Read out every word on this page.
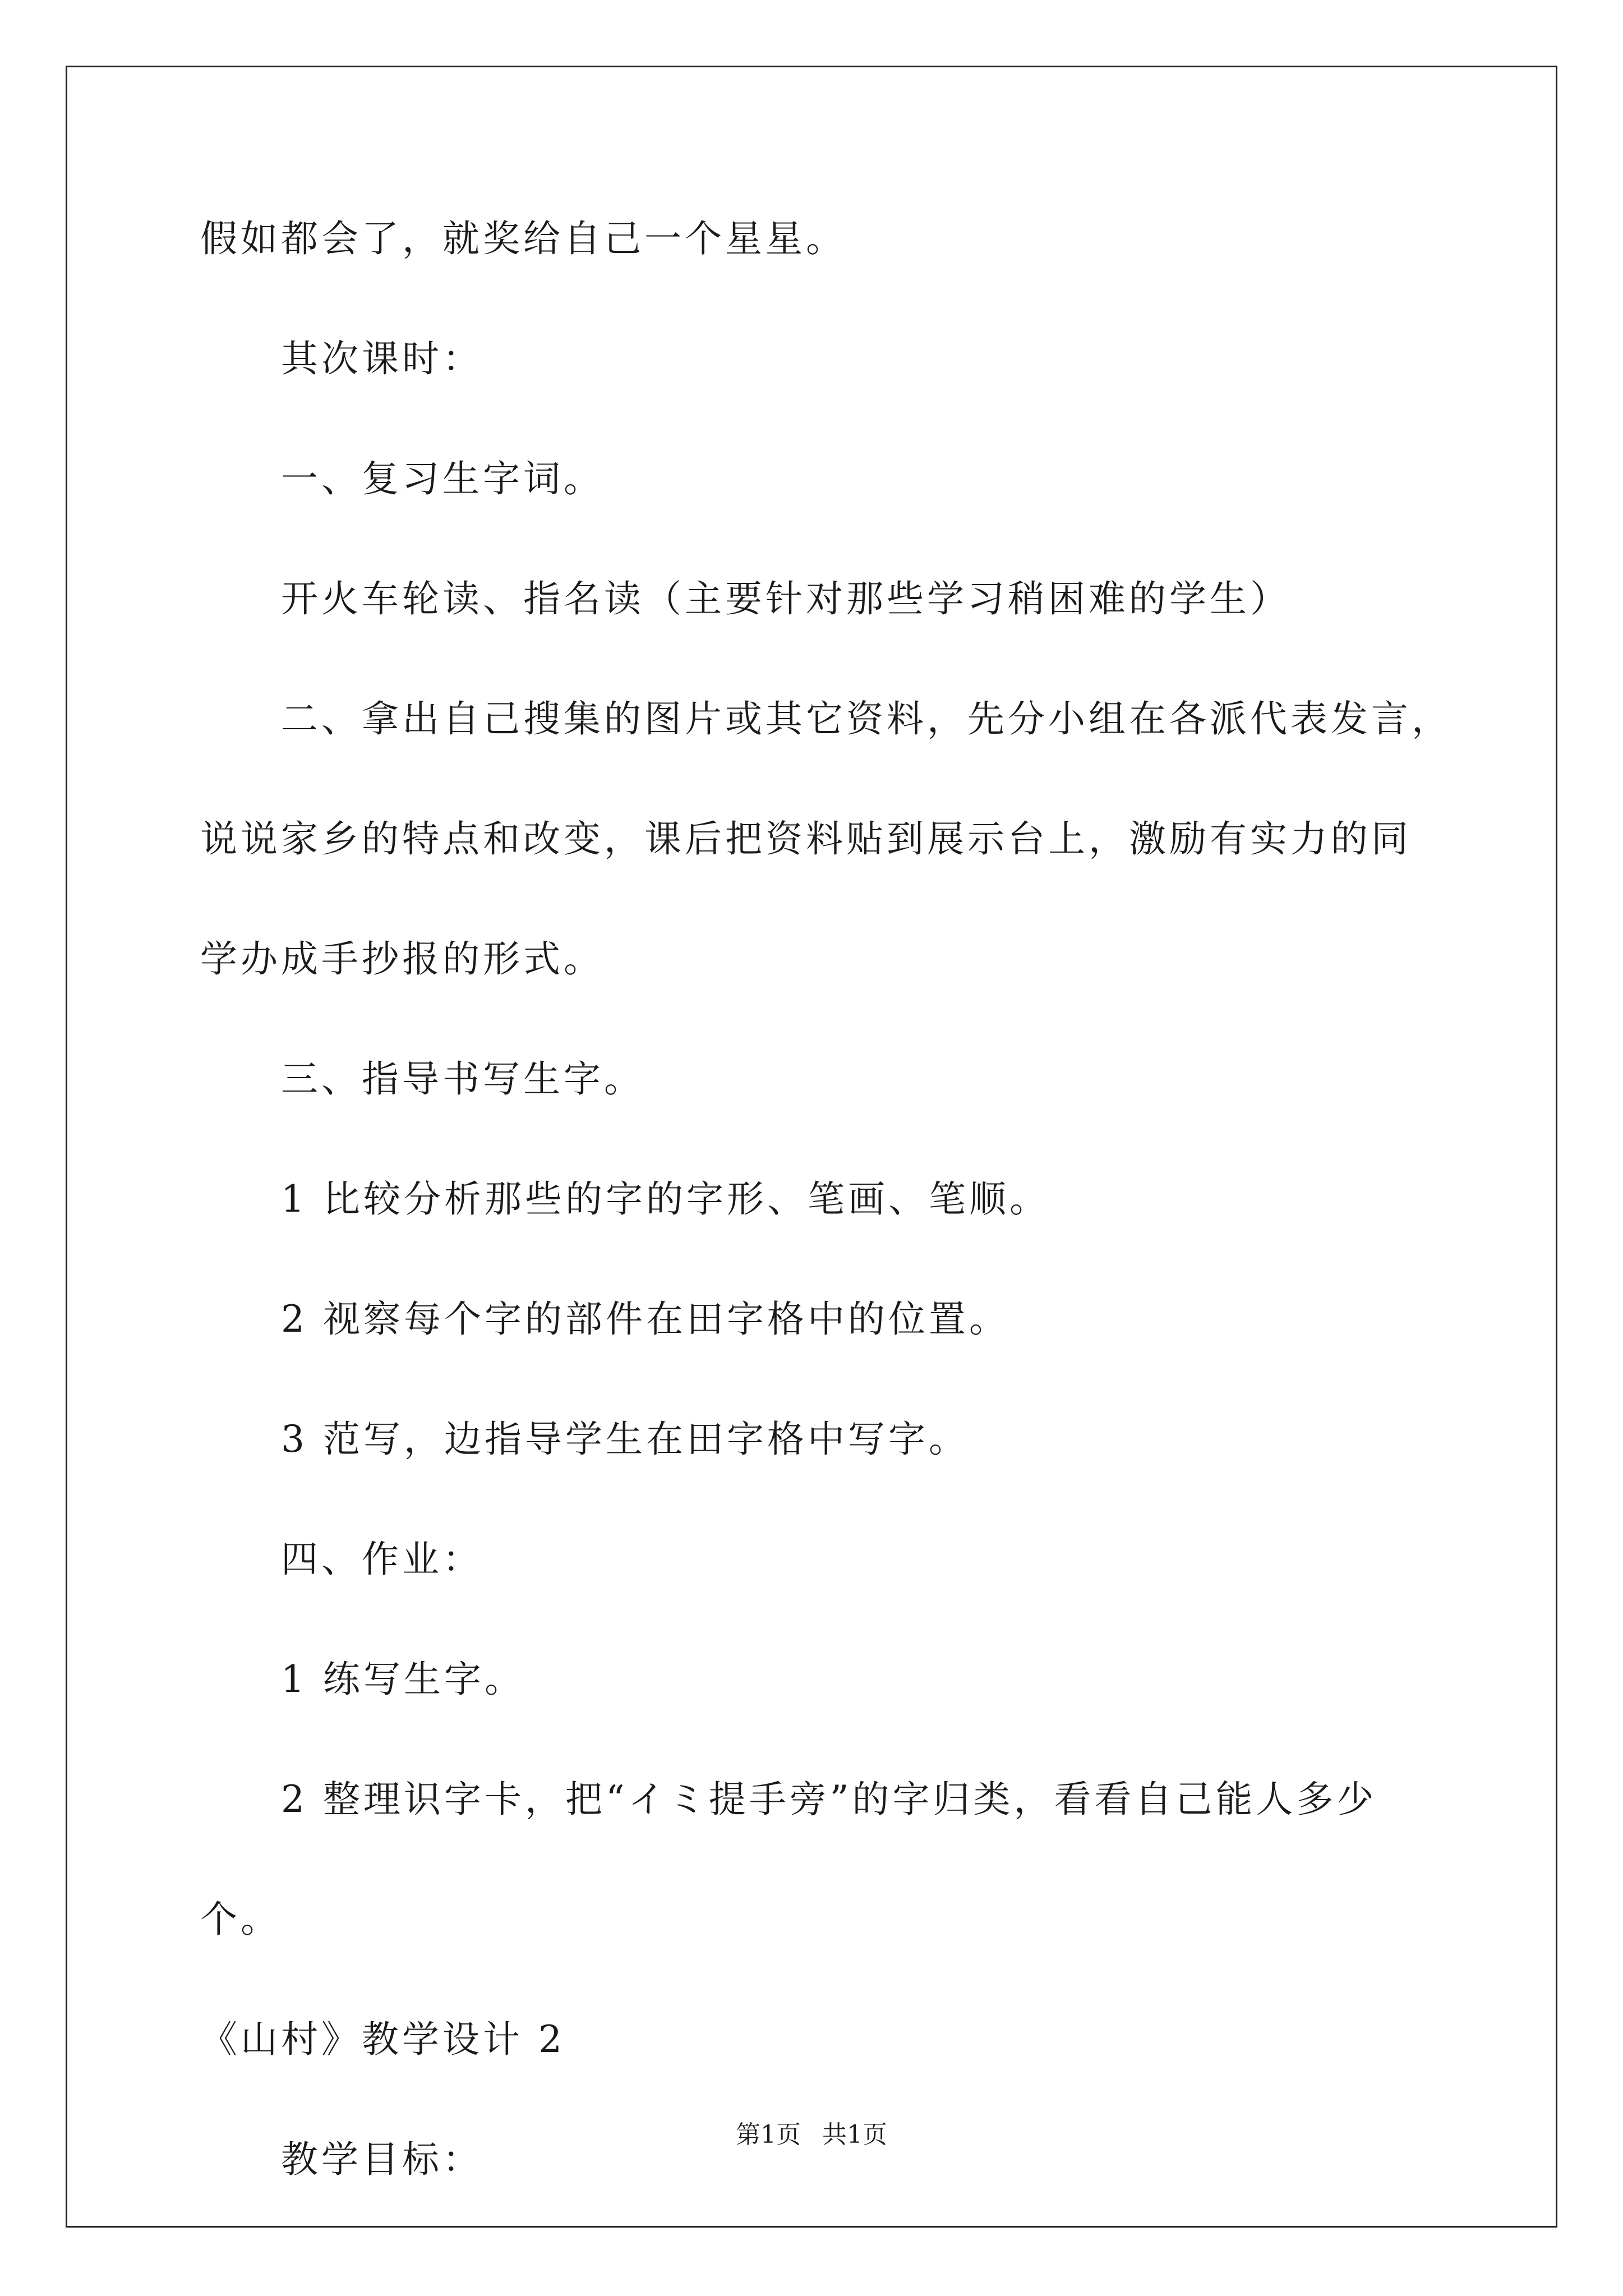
假如都会了，就奖给自己一个星星。
其次课时：
一、复习生字词。
开火车轮读、指名读（主要针对那些学习稍困难的学生）
二、拿出自己搜集的图片或其它资料，先分小组在各派代表发言，
说说家乡的特点和改变，课后把资料贴到展示台上，激励有实力的同
学办成手抄报的形式。
三、指导书写生字。
1 比较分析那些的字的字形、笔画、笔顺。
2 视察每个字的部件在田字格中的位置。
3 范写，边指导学生在田字格中写字。
四、作业：
1 练写生字。
2 整理识字卡，把“イミ提手旁”的字归类，看看自己能人多少
个。
《山村》教学设计 2
教学目标：
第1页 共1页
